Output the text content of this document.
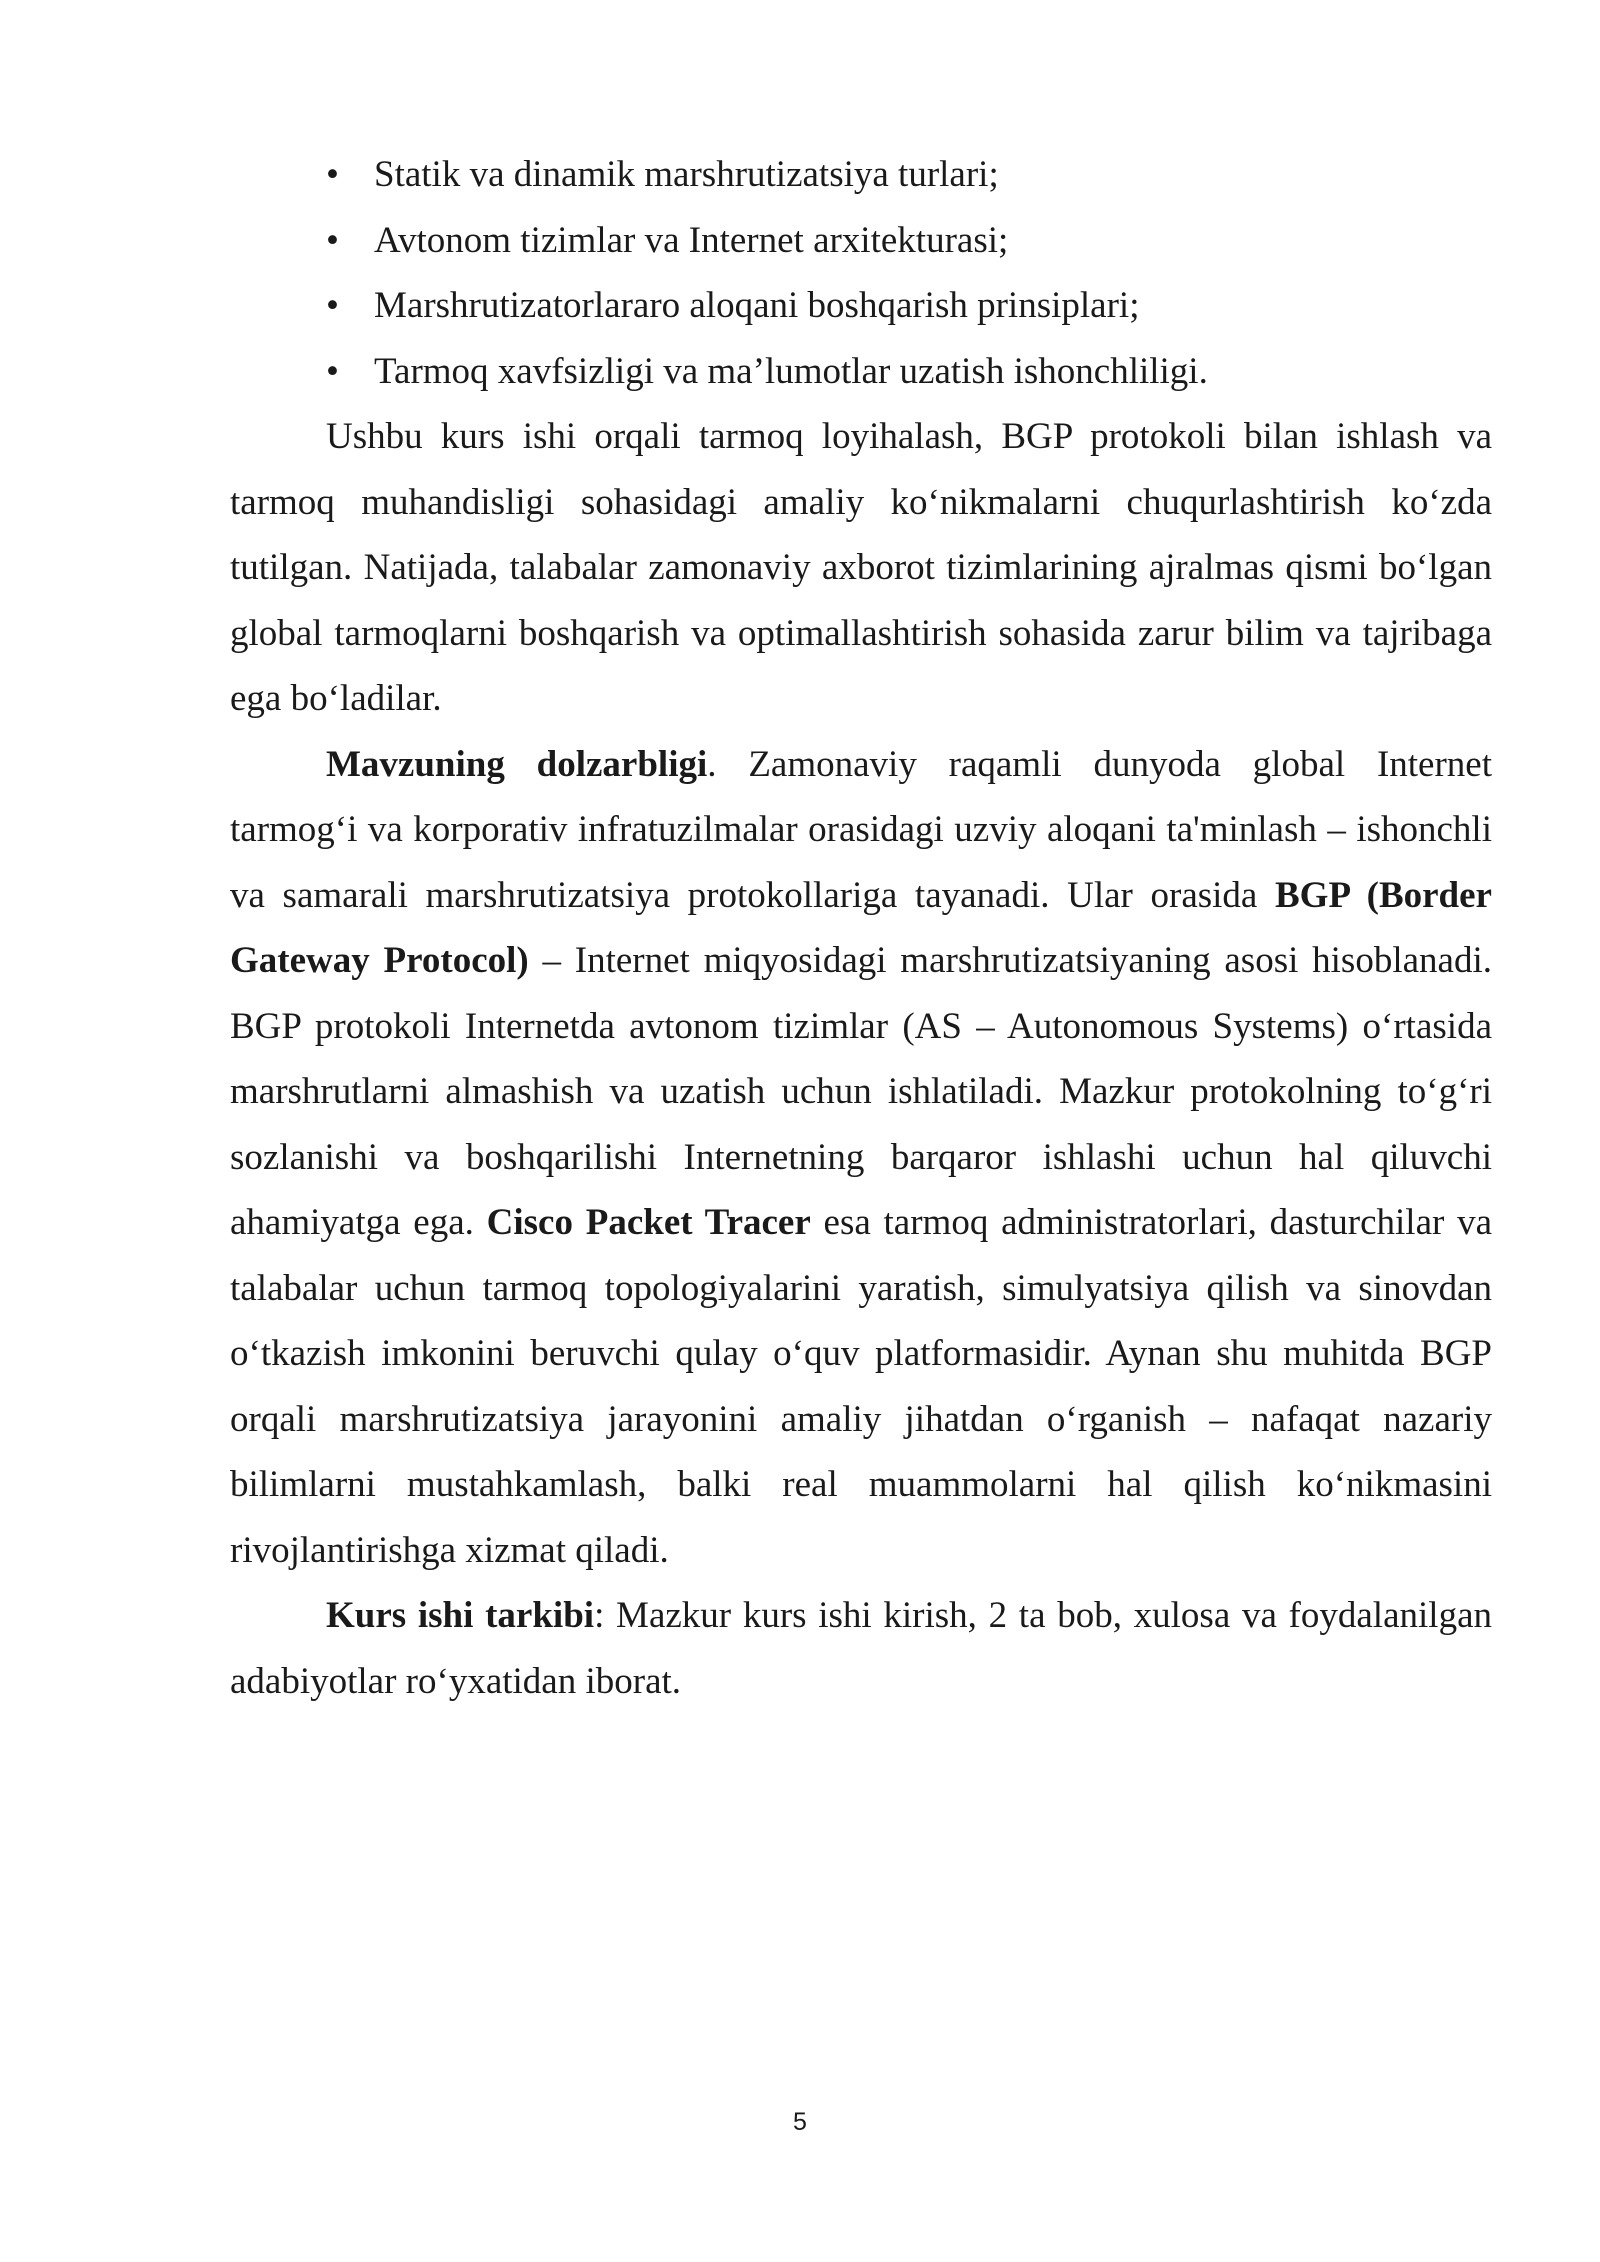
• Statik va dinamik marshrutizatsiya turlari;
• Avtonom tizimlar va Internet arxitekturasi;
• Marshrutizatorlararo aloqani boshqarish prinsiplari;
• Tarmoq xavfsizligi va ma’lumotlar uzatish ishonchliligi.

Ushbu kurs ishi orqali tarmoq loyihalash, BGP protokoli bilan ishlash va tarmoq muhandisligi sohasidagi amaliy koʻnikmalarni chuqurlashtirish koʻzda tutilgan. Natijada, talabalar zamonaviy axborot tizimlarining ajralmas qismi boʻlgan global tarmoqlarni boshqarish va optimallashtirish sohasida zarur bilim va tajribaga ega boʻladilar.

Mavzuning dolzarbligi. Zamonaviy raqamli dunyoda global Internet tarmogʻi va korporativ infratuzilmalar orasidagi uzviy aloqani ta'minlash – ishonchli va samarali marshrutizatsiya protokollariga tayanadi. Ular orasida BGP (Border Gateway Protocol) – Internet miqyosidagi marshrutizatsiyaning asosi hisoblanadi. BGP protokoli Internetda avtonom tizimlar (AS – Autonomous Systems) oʻrtasida marshrutlarni almashish va uzatish uchun ishlatiladi. Mazkur protokolning toʻgʻri sozlanishi va boshqarilishi Internetning barqaror ishlashi uchun hal qiluvchi ahamiyatga ega. Cisco Packet Tracer esa tarmoq administratorlari, dasturchilar va talabalar uchun tarmoq topologiyalarini yaratish, simulyatsiya qilish va sinovdan oʻtkazish imkonini beruvchi qulay oʻquv platformasidir. Aynan shu muhitda BGP orqali marshrutizatsiya jarayonini amaliy jihatdan oʻrganish – nafaqat nazariy bilimlarni mustahkamlash, balki real muammolarni hal qilish koʻnikmasini rivojlantirishga xizmat qiladi.

Kurs ishi tarkibi: Mazkur kurs ishi kirish, 2 ta bob, xulosa va foydalanilgan adabiyotlar roʻyxatidan iborat.

5
